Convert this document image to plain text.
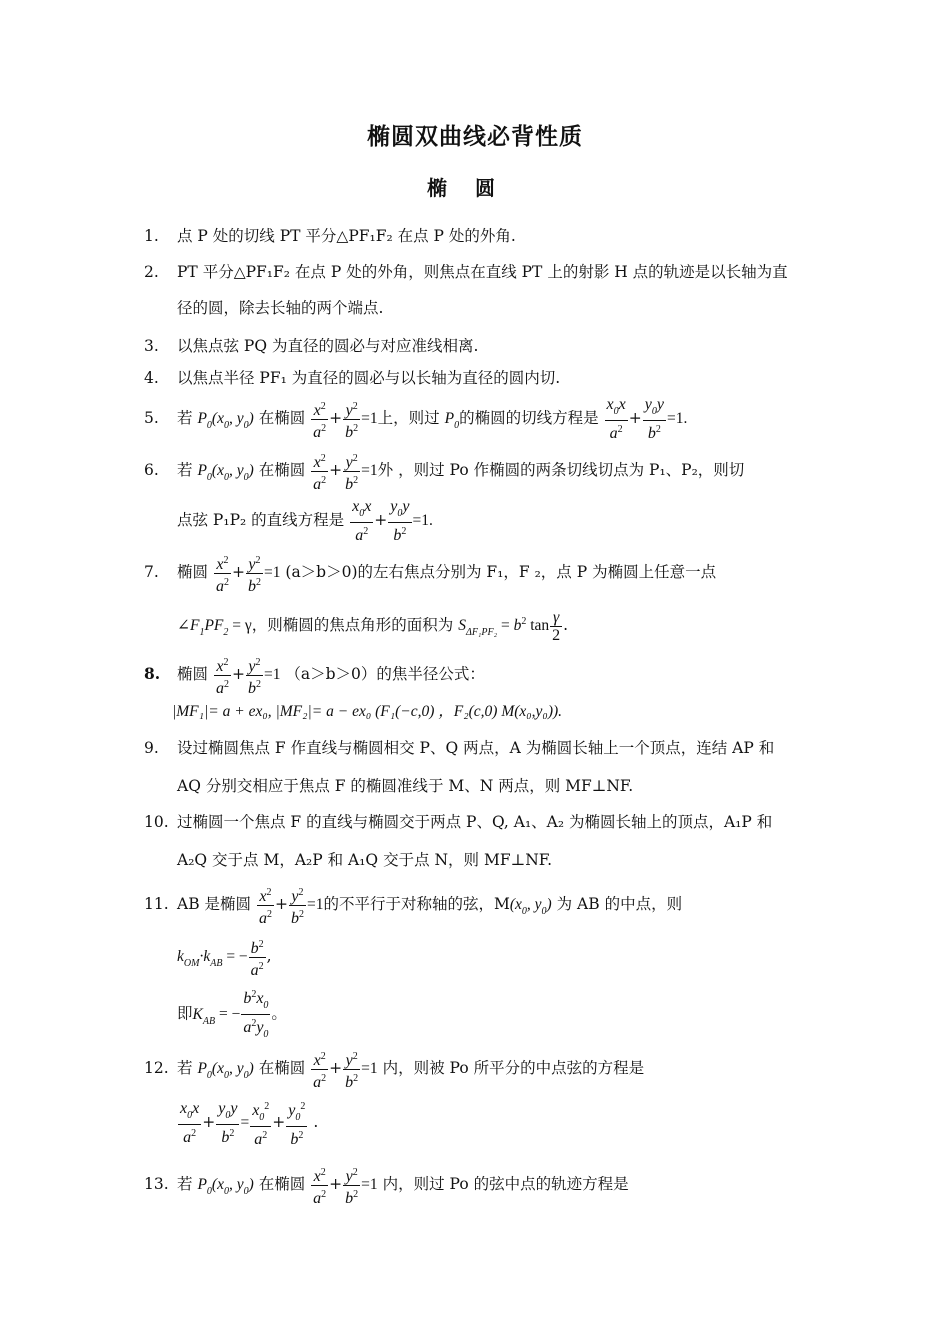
椭圆双曲线必背性质
椭圆
1.	点 P 处的切线 PT 平分△PF₁F₂ 在点 P 处的外角.
2.	PT 平分△PF₁F₂ 在点 P 处的外角，则焦点在直线 PT 上的射影 H 点的轨迹是以长轴为直
径的圆，除去长轴的两个端点.
3.	以焦点弦 PQ 为直径的圆必与对应准线相离.
4.	以焦点半径 PF₁ 为直径的圆必与以长轴为直径的圆内切.
5.	若 $P_0(x_0$, $y_0$) 在椭圆 $\frac{x^2}{a^2} + \frac{y^2}{b^2} =1$上，则过 $P_0$的椭圆的切线方程是 $\frac{x_0x}{a^2} + \frac{y_0y}{b^2} =1$.
6.	若 $P_0(x_0$, $y_0$) 在椭圆 $\frac{x^2}{a^2} + \frac{y^2}{b^2} =1$外 ，则过 Po 作椭圆的两条切线切点为 P₁、P₂，则切
点弦 P₁P₂ 的直线方程是 $\frac{x_0x}{a^2} + \frac{y_0y}{b^2} =1$.
7.	椭圆 $\frac{x^2}{a^2} + \frac{y^2}{b^2} =1$ (a＞b＞0)的左右焦点分别为 F₁，F ₂，点 P 为椭圆上任意一点
$\angle F_1PF_2 = \gamma$，则椭圆的焦点角形的面积为 $S_{\Delta F_1PF_2} = b^2$ $\tan \frac{\gamma}{2}$ .
8.	椭圆 $\frac{x^2}{a^2} + \frac{y^2}{b^2} =1$ （a＞b＞0）的焦半径公式：
|MF₁|= a + ex₀, |MF₂|= a − ex₀ (F₁(−c,0) ，F₂(c,0) M(x₀,y₀)).
9.	设过椭圆焦点 F 作直线与椭圆相交 P、Q 两点，A 为椭圆长轴上一个顶点，连结 AP 和
AQ 分别交相应于焦点 F 的椭圆准线于 M、N 两点，则 MF⊥NF.
10. 过椭圆一个焦点 F 的直线与椭圆交于两点 P、Q, A₁、A₂ 为椭圆长轴上的顶点，A₁P 和
A₂Q 交于点 M，A₂P 和 A₁Q 交于点 N，则 MF⊥NF.
11. AB 是椭圆 $\frac{x^2}{a^2} + \frac{y^2}{b^2} =1$的不平行于对称轴的弦，$M(x_0$, $y_0$) 为 AB 的中点，则
$k_{OM}\cdot k_{AB}$ = − $\frac{b^2}{a^2}$ ,
即$K_{AB}$ = − $\frac{b^2x_0}{a^2y_0}$ 。
12. 若 $P_0(x_0$, $y_0$) 在椭圆 $\frac{x^2}{a^2} + \frac{y^2}{b^2} =1$ 内，则被 Po 所平分的中点弦的方程是
$\frac{x_0x}{a^2} + \frac{y_0y}{b^2} = \frac{x_0^2}{a^2} + \frac{y_0^2}{b^2}$ .
13. 若 $P_0(x_0$, $y_0$) 在椭圆 $\frac{x^2}{a^2} + \frac{y^2}{b^2} =1$ 内，则过 Po 的弦中点的轨迹方程是
